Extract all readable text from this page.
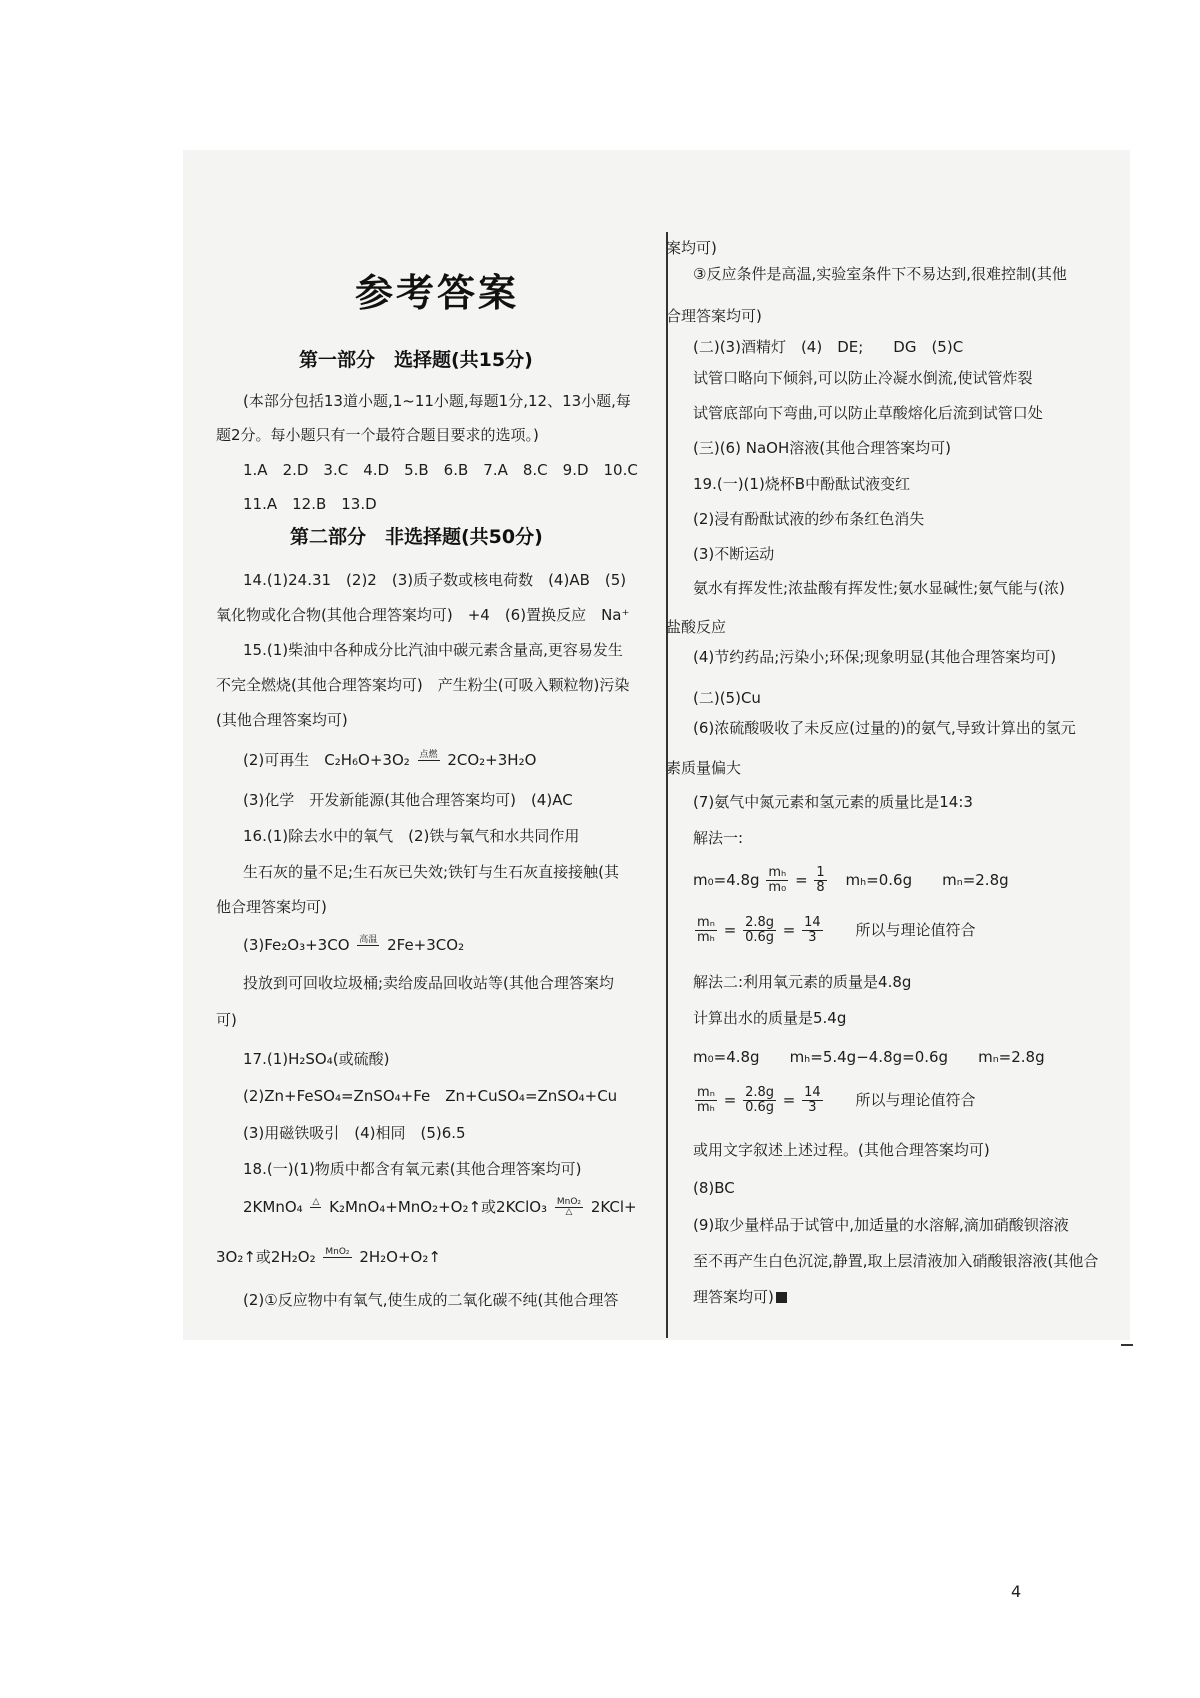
参考答案
第一部分　选择题(共15分)
(本部分包括13道小题,1~11小题,每题1分,12、13小题,每
题2分。每小题只有一个最符合题目要求的选项。)
1.A　2.D　3.C　4.D　5.B　6.B　7.A　8.C　9.D　10.C
11.A　12.B　13.D
第二部分　非选择题(共50分)
14.(1)24.31　(2)2　(3)质子数或核电荷数　(4)AB　(5)
氧化物或化合物(其他合理答案均可)　+4　(6)置换反应　Na⁺
15.(1)柴油中各种成分比汽油中碳元素含量高,更容易发生
不完全燃烧(其他合理答案均可)　产生粉尘(可吸入颗粒物)污染
(其他合理答案均可)
(2)可再生　C₂H₆O+3O₂ 点燃 2CO₂+3H₂O
(3)化学　开发新能源(其他合理答案均可)　(4)AC
16.(1)除去水中的氧气　(2)铁与氧气和水共同作用
生石灰的量不足;生石灰已失效;铁钉与生石灰直接接触(其
他合理答案均可)
(3)Fe₂O₃+3CO 高温 2Fe+3CO₂
投放到可回收垃圾桶;卖给废品回收站等(其他合理答案均
可)
17.(1)H₂SO₄(或硫酸)
(2)Zn+FeSO₄=ZnSO₄+Fe　Zn+CuSO₄=ZnSO₄+Cu
(3)用磁铁吸引　(4)相同　(5)6.5
18.(一)(1)物质中都含有氧元素(其他合理答案均可)
2KMnO₄ △ K₂MnO₄+MnO₂+O₂↑或2KClO₃ MnO₂
△	2KCl+
3O₂↑或2H₂O₂ MnO₂ 2H₂O+O₂↑
(2)①反应物中有氧气,使生成的二氧化碳不纯(其他合理答
案均可)
③反应条件是高温,实验室条件下不易达到,很难控制(其他
合理答案均可)
(二)(3)酒精灯　(4)　DE;　　DG　(5)C
试管口略向下倾斜,可以防止冷凝水倒流,使试管炸裂
试管底部向下弯曲,可以防止草酸熔化后流到试管口处
(三)(6) NaOH溶液(其他合理答案均可)
19.(一)(1)烧杯B中酚酞试液变红
(2)浸有酚酞试液的纱布条红色消失
(3)不断运动
氨水有挥发性;浓盐酸有挥发性;氨水显碱性;氨气能与(浓)
盐酸反应
(4)节约药品;污染小;环保;现象明显(其他合理答案均可)
(二)(5)Cu
(6)浓硫酸吸收了未反应(过量的)的氨气,导致计算出的氢元
素质量偏大
(7)氨气中氮元素和氢元素的质量比是14:3
解法一:
$m_0=4.8g \frac{\text{mₕ}}{\text{m₀}} = \frac{1}{8} m_h=0.6g$　　mₙ=2.8g
$\frac{\text{mₙ}}{\text{mₕ}} = \frac{2.8g}{0.6g} = \frac{14}{3}$ 所以与理论值符合
解法二:利用氧元素的质量是4.8g
计算出水的质量是5.4g
m₀=4.8g　　mₕ=5.4g−4.8g=0.6g　　mₙ=2.8g
$\frac{\text{mₙ}}{\text{mₕ}} = \frac{2.8g}{0.6g} = \frac{14}{3}$ 所以与理论值符合
或用文字叙述上述过程。(其他合理答案均可)
(8)BC
(9)取少量样品于试管中,加适量的水溶解,滴加硝酸钡溶液
至不再产生白色沉淀,静置,取上层清液加入硝酸银溶液(其他合
理答案均可)
4
